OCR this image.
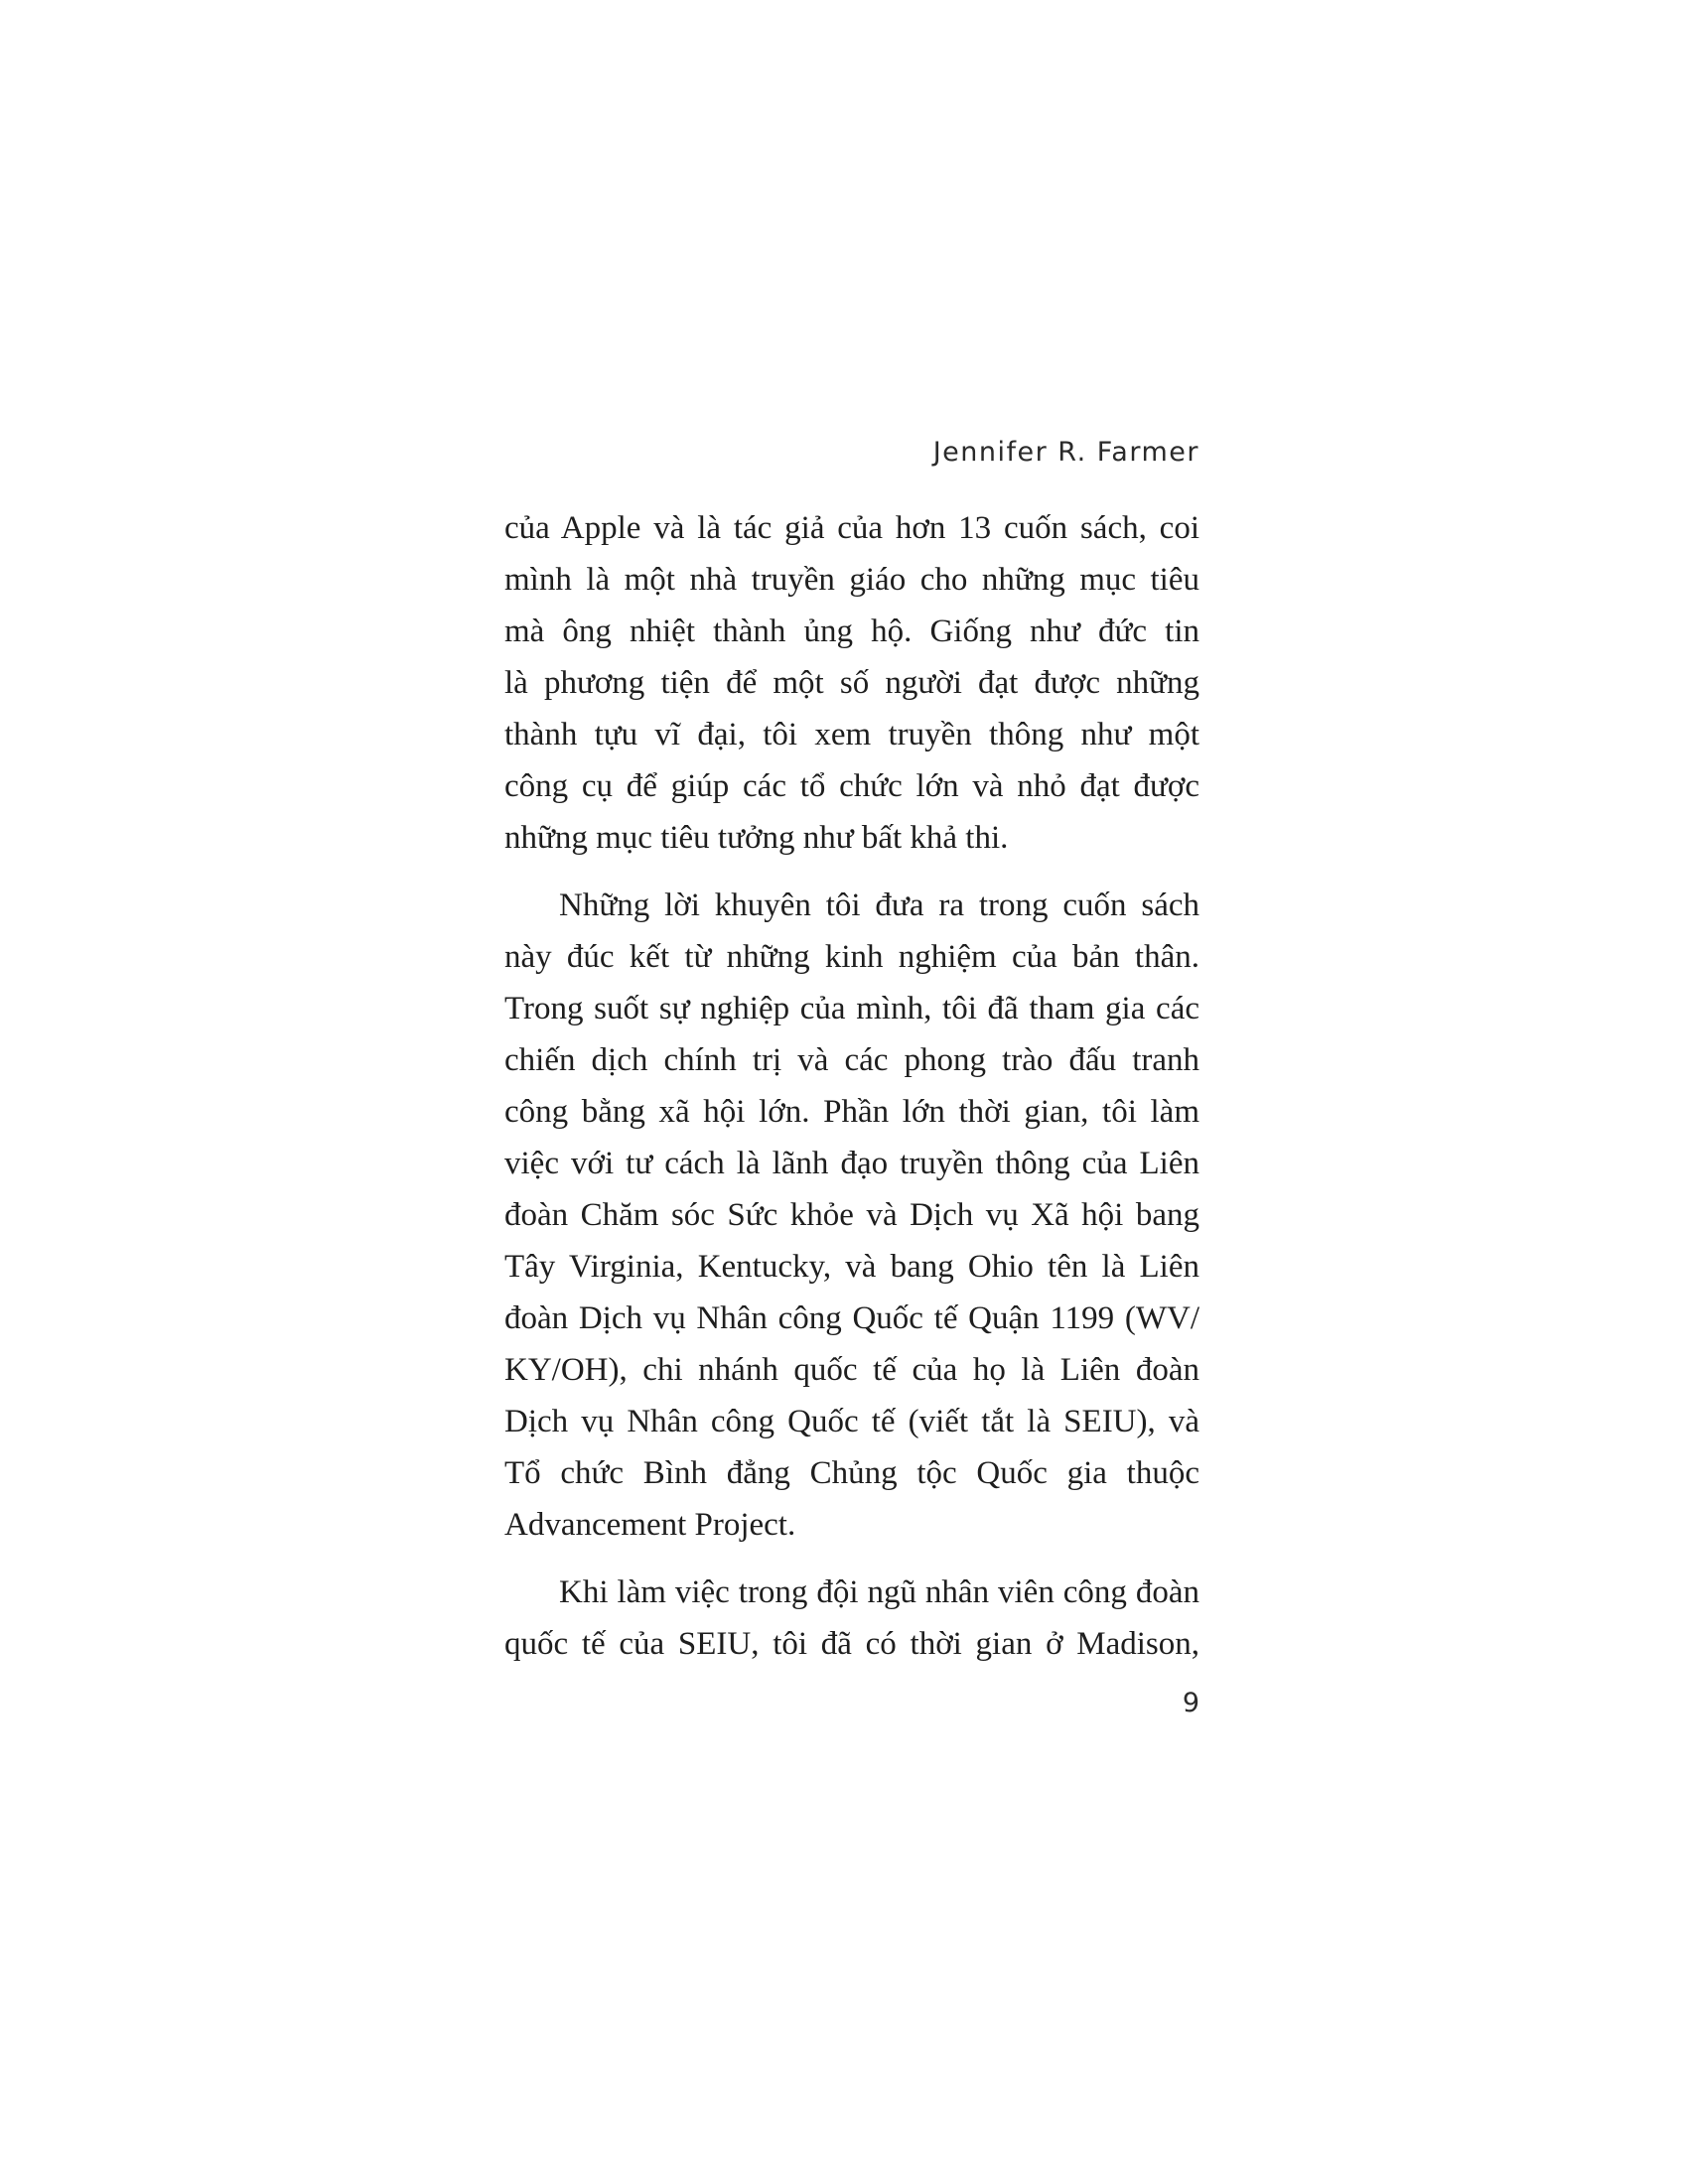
Jennifer R. Farmer
của Apple và là tác giả của hơn 13 cuốn sách, coi
mình là một nhà truyền giáo cho những mục tiêu
mà ông nhiệt thành ủng hộ. Giống như đức tin
là phương tiện để một số người đạt được những
thành tựu vĩ đại, tôi xem truyền thông như một
công cụ để giúp các tổ chức lớn và nhỏ đạt được
những mục tiêu tưởng như bất khả thi.
Những lời khuyên tôi đưa ra trong cuốn sách
này đúc kết từ những kinh nghiệm của bản thân.
Trong suốt sự nghiệp của mình, tôi đã tham gia các
chiến dịch chính trị và các phong trào đấu tranh
công bằng xã hội lớn. Phần lớn thời gian, tôi làm
việc với tư cách là lãnh đạo truyền thông của Liên
đoàn Chăm sóc Sức khỏe và Dịch vụ Xã hội bang
Tây Virginia, Kentucky, và bang Ohio tên là Liên
đoàn Dịch vụ Nhân công Quốc tế Quận 1199 (WV/
KY/OH), chi nhánh quốc tế của họ là Liên đoàn
Dịch vụ Nhân công Quốc tế (viết tắt là SEIU), và
Tổ chức Bình đẳng Chủng tộc Quốc gia thuộc
Advancement Project.
Khi làm việc trong đội ngũ nhân viên công đoàn
quốc tế của SEIU, tôi đã có thời gian ở Madison,
9
